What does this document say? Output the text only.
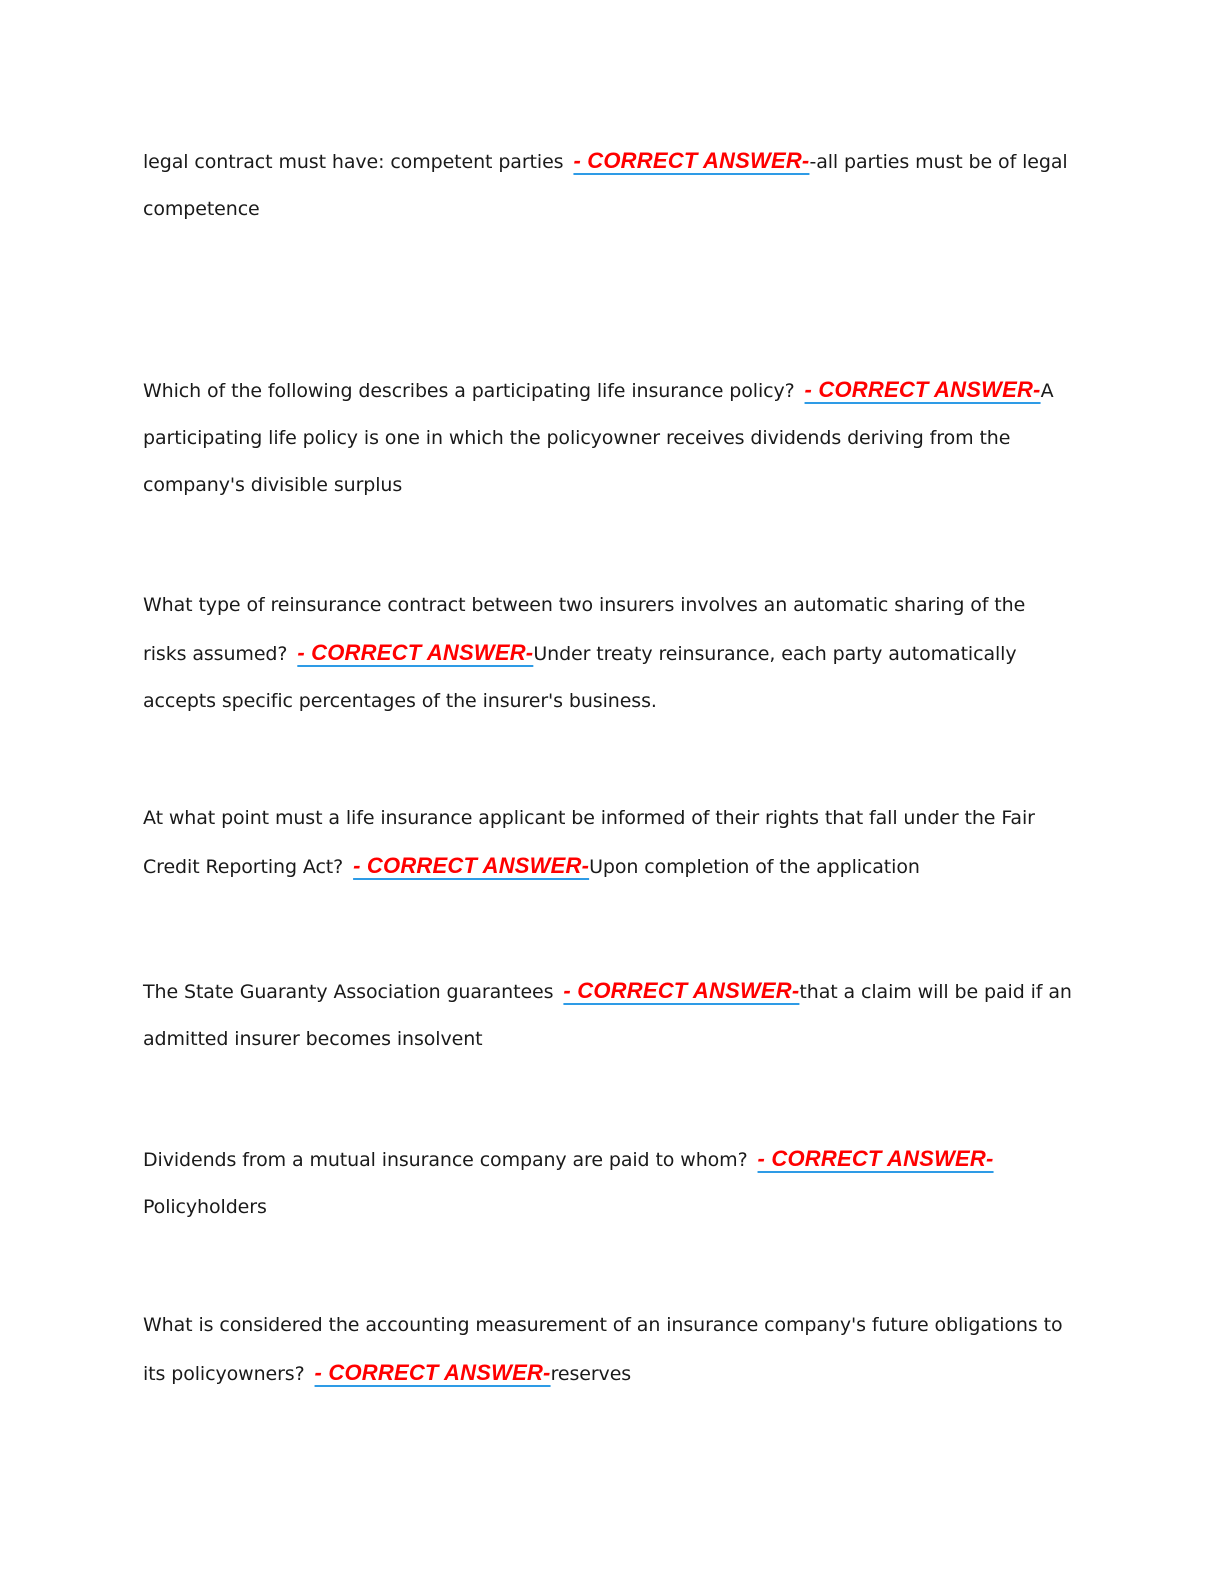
legal contract must have: competent parties - CORRECT ANSWER--all parties must be of legal competence

Which of the following describes a participating life insurance policy? - CORRECT ANSWER-A participating life policy is one in which the policyowner receives dividends deriving from the company's divisible surplus

What type of reinsurance contract between two insurers involves an automatic sharing of the risks assumed? - CORRECT ANSWER-Under treaty reinsurance, each party automatically accepts specific percentages of the insurer's business.

At what point must a life insurance applicant be informed of their rights that fall under the Fair Credit Reporting Act? - CORRECT ANSWER-Upon completion of the application

The State Guaranty Association guarantees - CORRECT ANSWER-that a claim will be paid if an admitted insurer becomes insolvent

Dividends from a mutual insurance company are paid to whom? - CORRECT ANSWER-
Policyholders

What is considered the accounting measurement of an insurance company's future obligations to its policyowners? - CORRECT ANSWER-reserves
